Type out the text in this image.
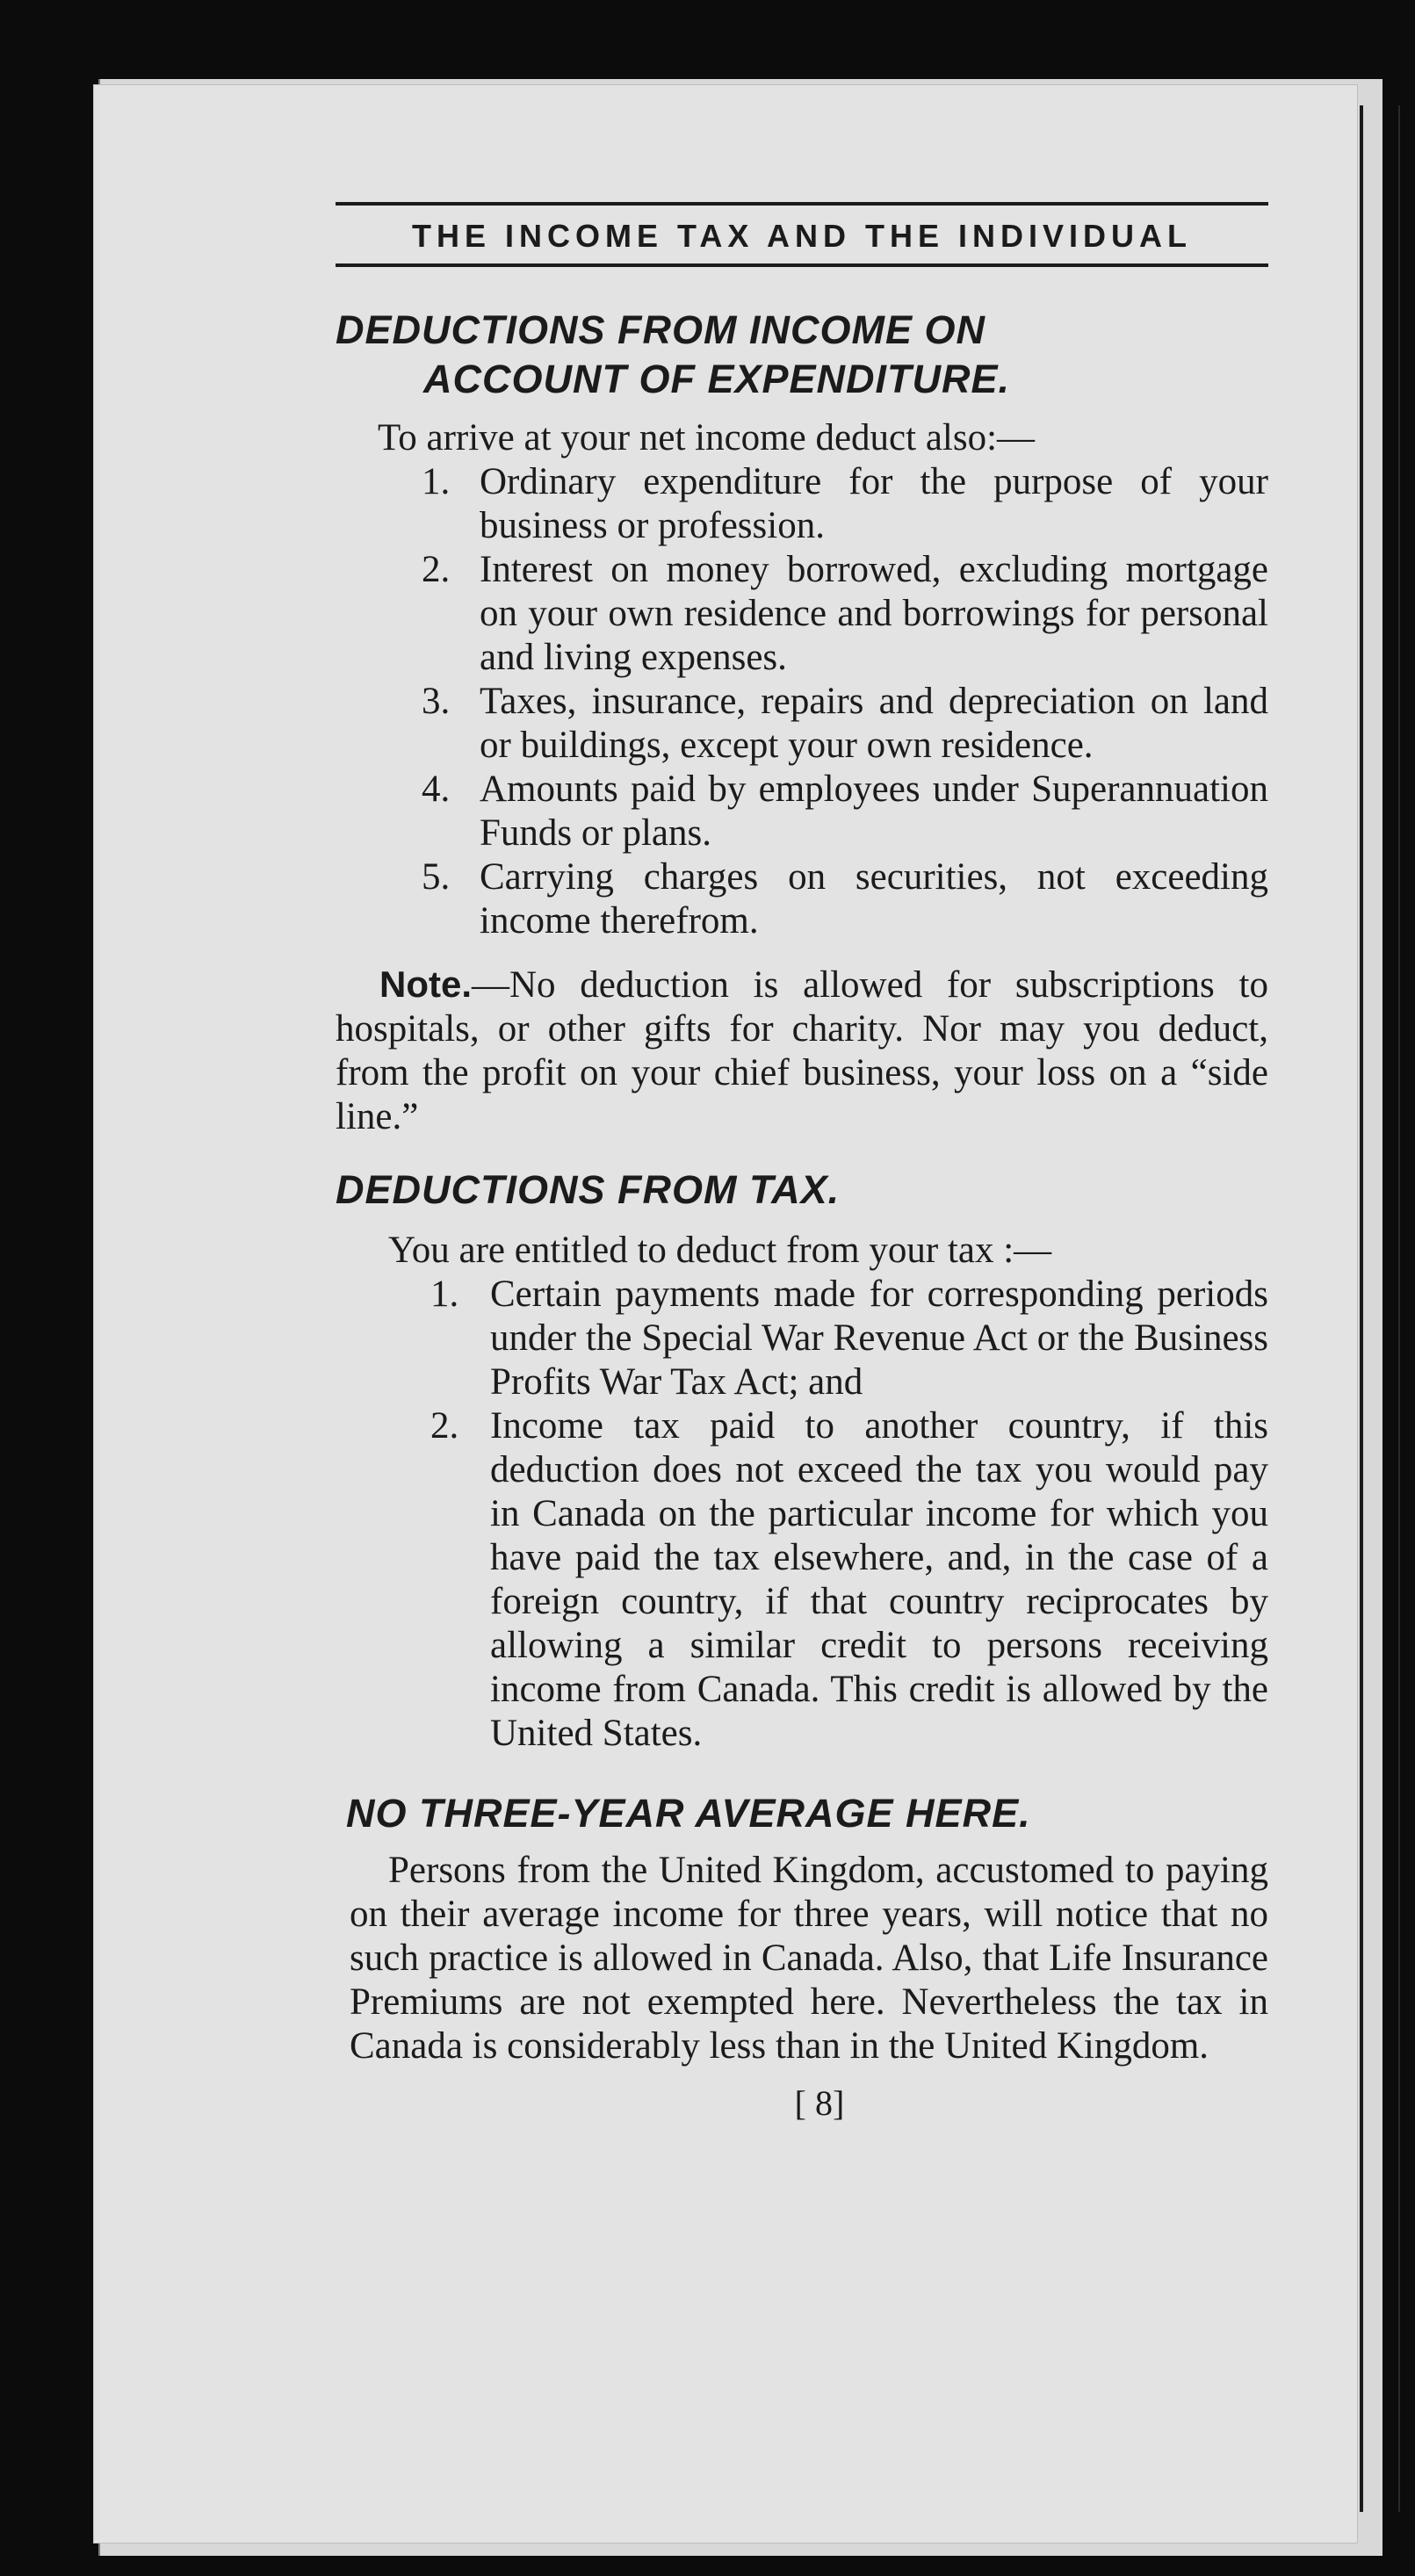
THE INCOME TAX AND THE INDIVIDUAL
DEDUCTIONS FROM INCOME ON
ACCOUNT OF EXPENDITURE.

To arrive at your net income deduct also:—

1. Ordinary expenditure for the purpose of your business or profession.
2. Interest on money borrowed, excluding mortgage on your own residence and borrowings for personal and living expenses.
3. Taxes, insurance, repairs and depreciation on land or buildings, except your own residence.
4. Amounts paid by employees under Superannuation Funds or plans.
5. Carrying charges on securities, not exceeding income therefrom.

Note.—No deduction is allowed for subscriptions to hospitals, or other gifts for charity. Nor may you deduct, from the profit on your chief business, your loss on a “side line.”

DEDUCTIONS FROM TAX.

You are entitled to deduct from your tax :—

1. Certain payments made for corresponding periods under the Special War Revenue Act or the Business Profits War Tax Act; and
2. Income tax paid to another country, if this deduction does not exceed the tax you would pay in Canada on the particular income for which you have paid the tax elsewhere, and, in the case of a foreign country, if that country reciprocates by allowing a similar credit to persons receiving income from Canada. This credit is allowed by the United States.
NO THREE-YEAR AVERAGE HERE.

Persons from the United Kingdom, accustomed to paying on their average income for three years, will notice that no such practice is allowed in Canada. Also, that Life Insurance Premiums are not exempted here. Nevertheless the tax in Canada is considerably less than in the United Kingdom.

[ 8]
